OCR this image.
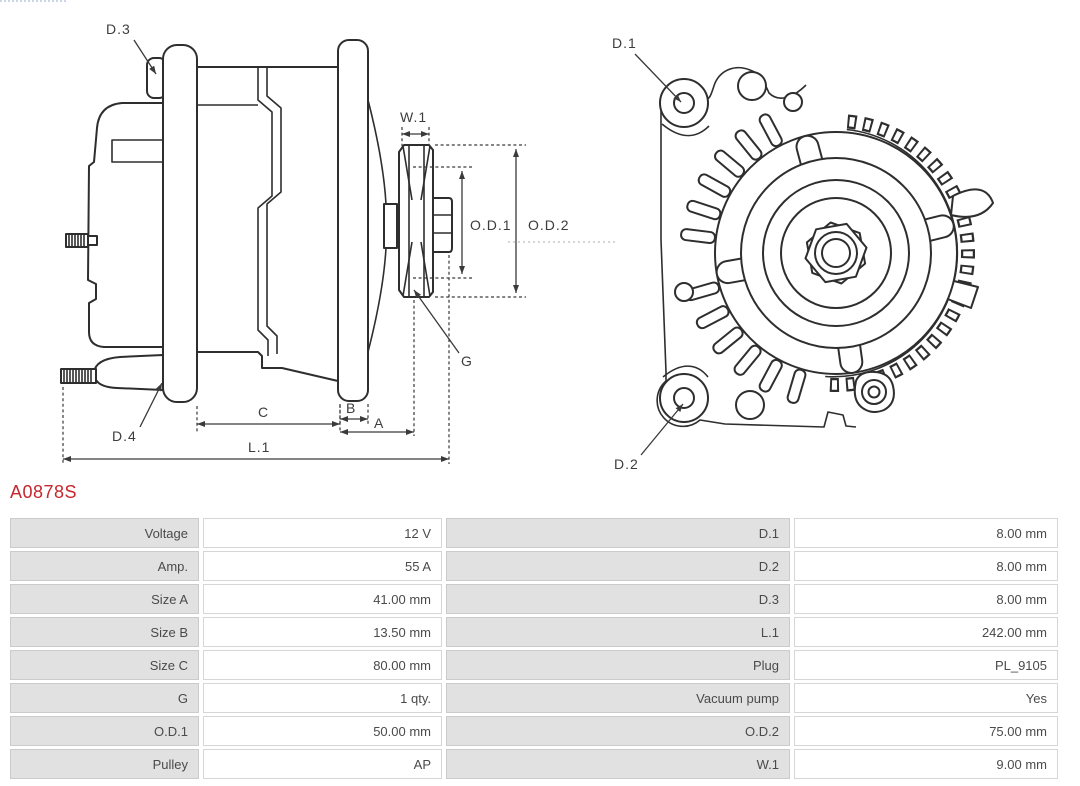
D.3
D.4
W.1
O.D.1 O.D.2
G
C	B
A
L.1
D.1
D.2
A0878S
Voltage	12 V	D.1	8.00 mm
Amp.	55 A	D.2	8.00 mm
Size A	41.00 mm	D.3	8.00 mm
Size B	13.50 mm	L.1	242.00 mm
Size C	80.00 mm	Plug	PL_9105
G	1 qty.	Vacuum pump	Yes
O.D.1	50.00 mm	O.D.2	75.00 mm
Pulley	AP	W.1	9.00 mm
